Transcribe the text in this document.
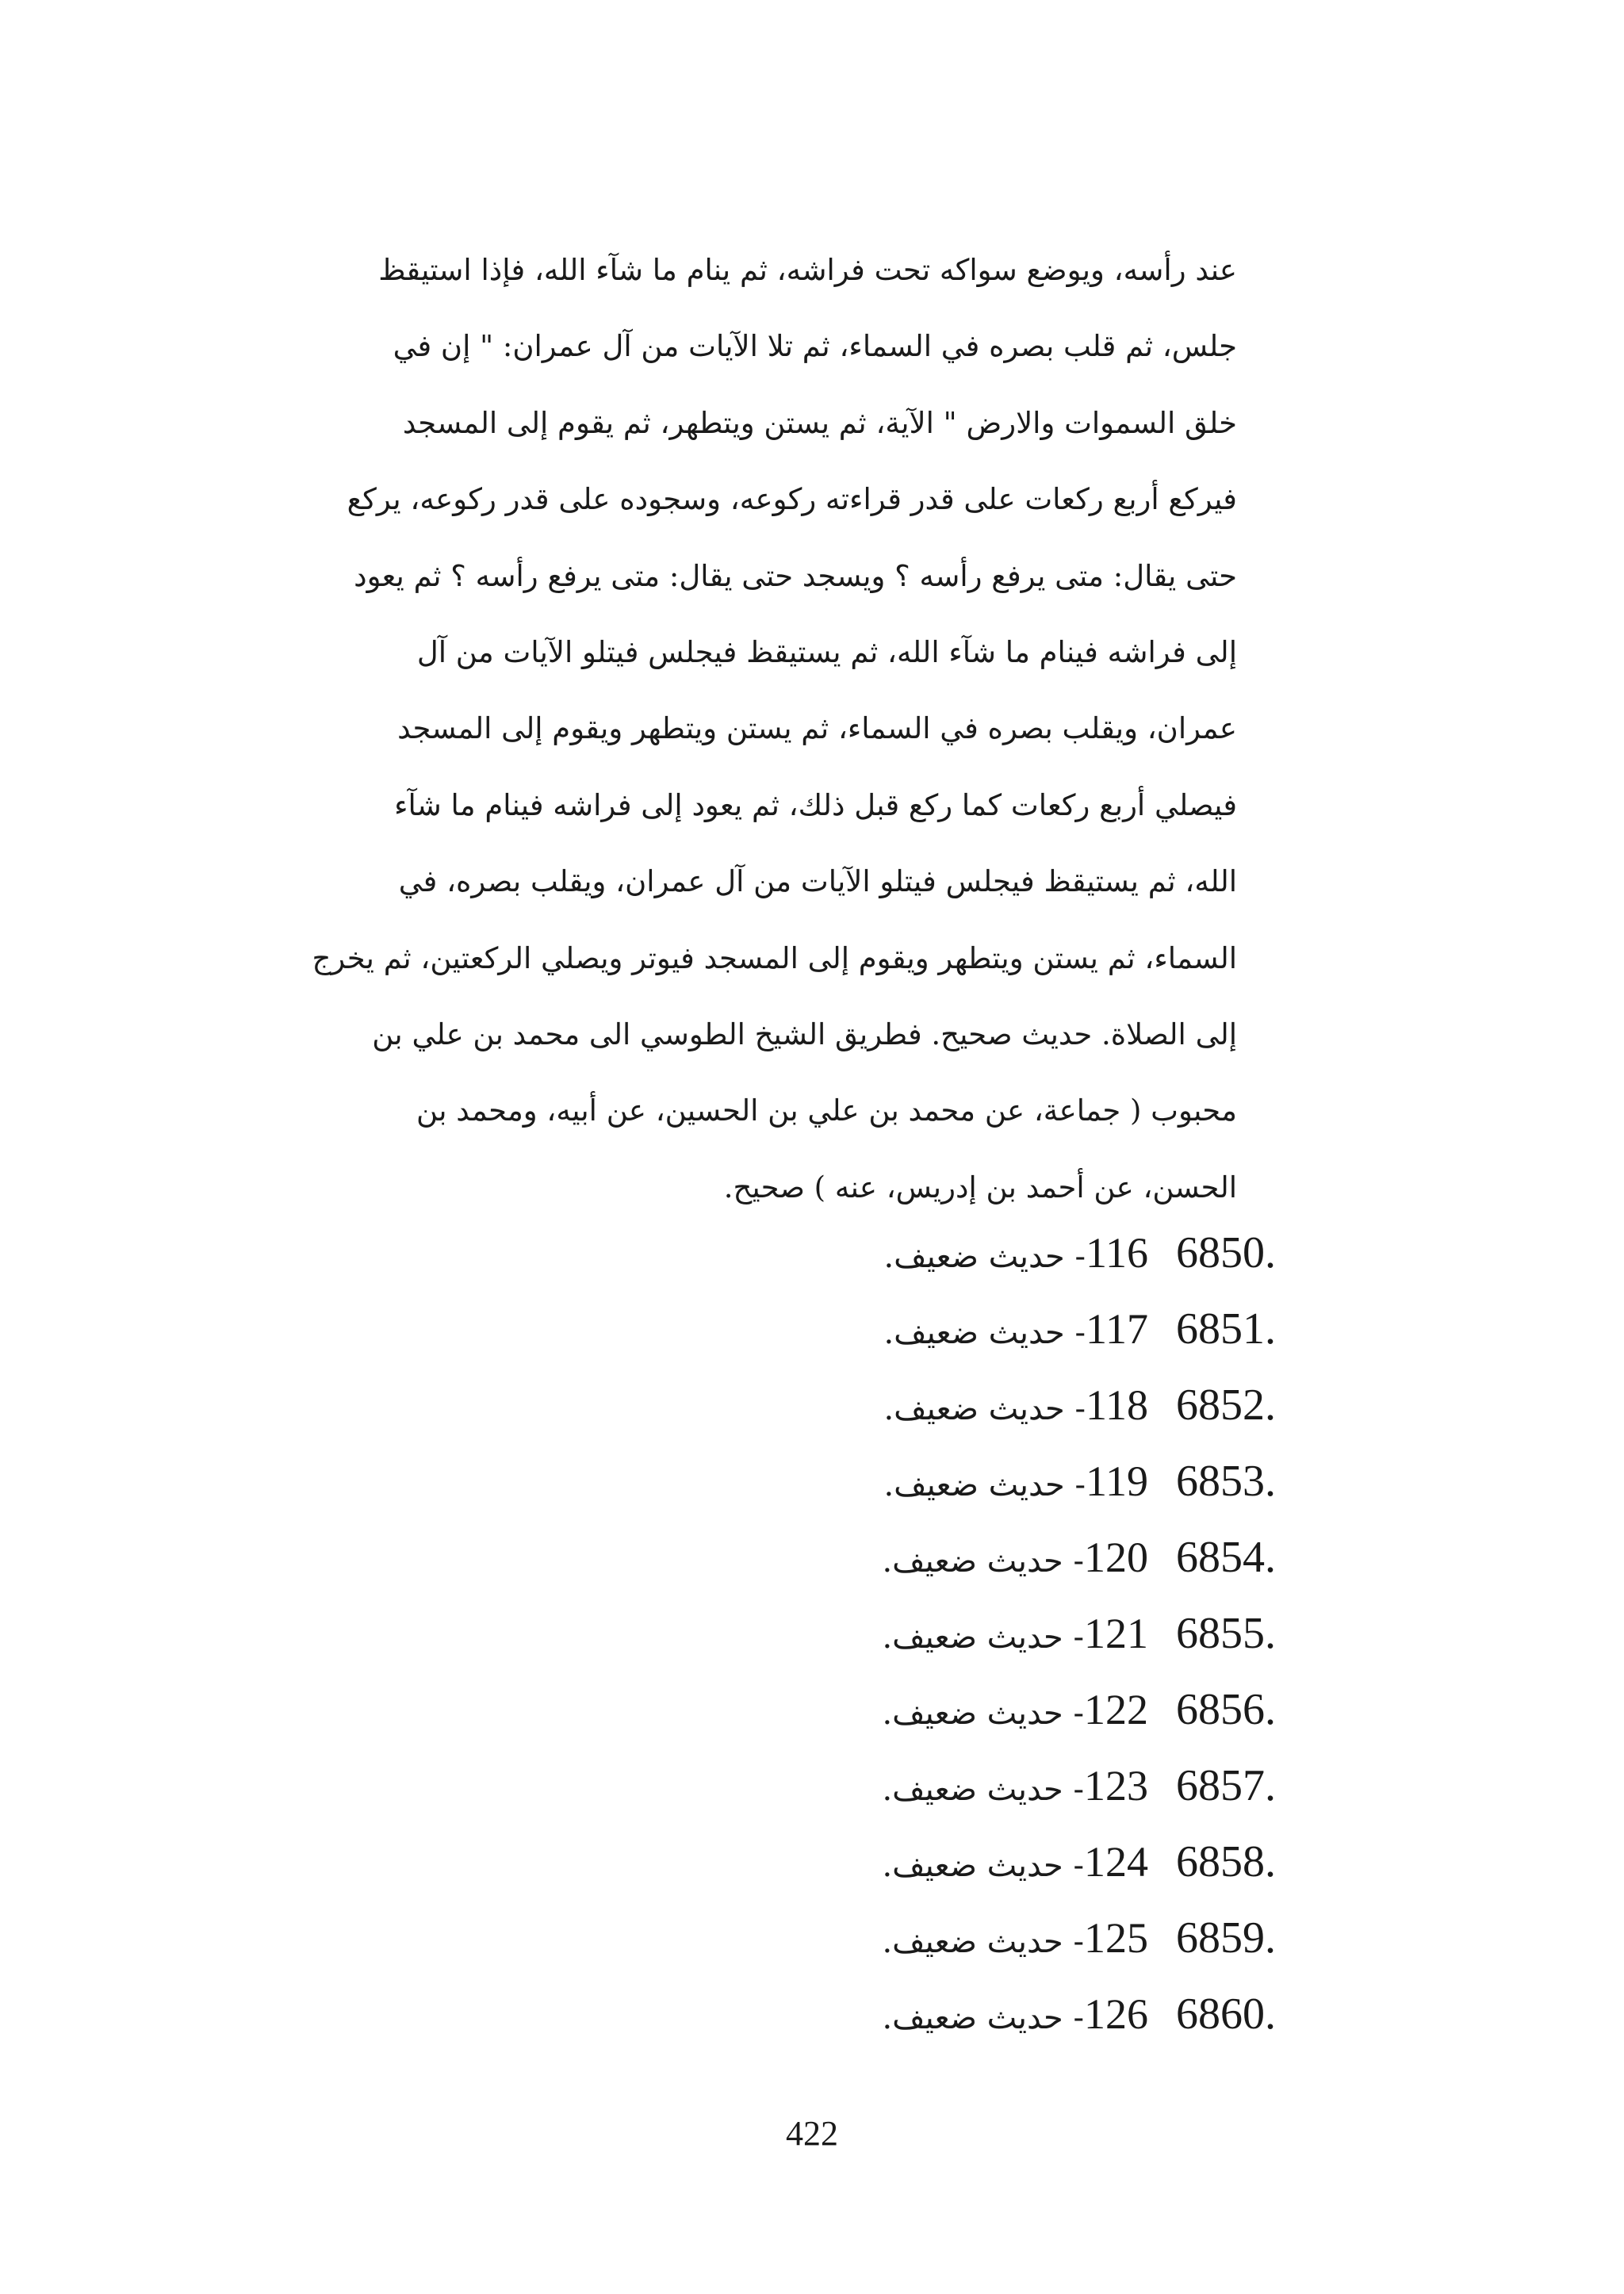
عند رأسه، ويوضع سواكه تحت فراشه، ثم ينام ما شآء الله، فإذا استيقظ
جلس، ثم قلب بصره في السماء، ثم تلا الآيات من آل عمران: " إن في
خلق السموات والارض " الآية، ثم يستن ويتطهر، ثم يقوم إلى المسجد
فيركع أربع ركعات على قدر قراءته ركوعه، وسجوده على قدر ركوعه، يركع
حتى يقال: متى يرفع رأسه ؟ ويسجد حتى يقال: متى يرفع رأسه ؟ ثم يعود
إلى فراشه فينام ما شآء الله، ثم يستيقظ فيجلس فيتلو الآيات من آل
عمران، ويقلب بصره في السماء، ثم يستن ويتطهر ويقوم إلى المسجد
فيصلي أربع ركعات كما ركع قبل ذلك، ثم يعود إلى فراشه فينام ما شآء
الله، ثم يستيقظ فيجلس فيتلو الآيات من آل عمران، ويقلب بصره، في
السماء، ثم يستن ويتطهر ويقوم إلى المسجد فيوتر ويصلي الركعتين، ثم يخرج
إلى الصلاة. حديث صحيح. فطريق الشيخ الطوسي الى محمد بن علي بن
محبوب ( جماعة، عن محمد بن علي بن الحسين، عن أبيه، ومحمد بن
الحسن، عن أحمد بن إدريس، عنه ) صحيح.
6850.
116- حديث ضعيف.
6851.
117- حديث ضعيف.
6852.
118- حديث ضعيف.
6853.
119- حديث ضعيف.
6854.
120- حديث ضعيف.
6855.
121- حديث ضعيف.
6856.
122- حديث ضعيف.
6857.
123- حديث ضعيف.
6858.
124- حديث ضعيف.
6859.
125- حديث ضعيف.
6860.
126- حديث ضعيف.
422
